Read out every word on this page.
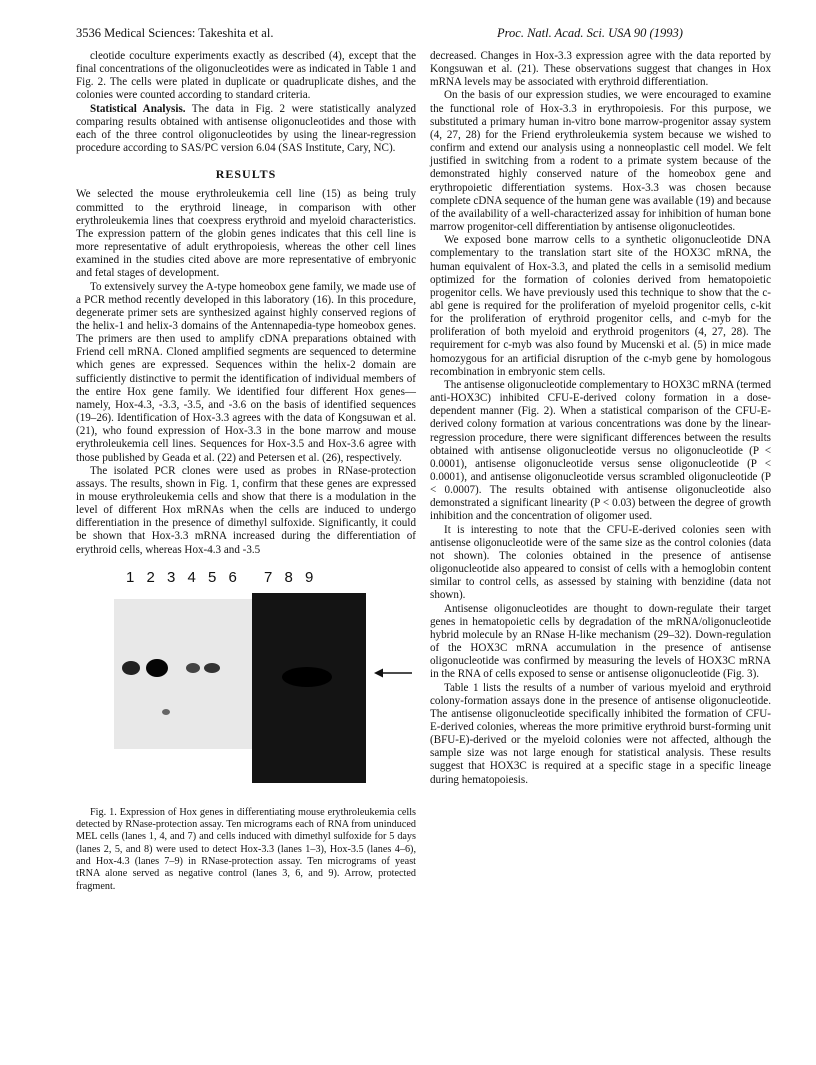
3536 Medical Sciences: Takeshita et al.	Proc. Natl. Acad. Sci. USA 90 (1993)

cleotide coculture experiments exactly as described (4), except that the final concentrations of the oligonucleotides were as indicated in Table 1 and Fig. 2. The cells were plated in duplicate or quadruplicate dishes, and the colonies were counted according to standard criteria.

Statistical Analysis. The data in Fig. 2 were statistically analyzed comparing results obtained with antisense oligonucleotides and those with each of the three control oligonucleotides by using the linear-regression procedure according to SAS/PC version 6.04 (SAS Institute, Cary, NC).

RESULTS

We selected the mouse erythroleukemia cell line (15) as being truly committed to the erythroid lineage, in comparison with other erythroleukemia lines that coexpress erythroid and myeloid characteristics. The expression pattern of the globin genes indicates that this cell line is more representative of adult erythropoiesis, whereas the other cell lines examined in the studies cited above are more representative of embryonic and fetal stages of development.

To extensively survey the A-type homeobox gene family, we made use of a PCR method recently developed in this laboratory (16). In this procedure, degenerate primer sets are synthesized against highly conserved regions of the helix-1 and helix-3 domains of the Antennapedia-type homeobox genes. The primers are then used to amplify cDNA preparations obtained with Friend cell mRNA. Cloned amplified segments are sequenced to determine which genes are expressed. Sequences within the helix-2 domain are sufficiently distinctive to permit the identification of individual members of the entire Hox gene family. We identified four different Hox genes—namely, Hox-4.3, -3.3, -3.5, and -3.6 on the basis of identified sequences (19–26). Identification of Hox-3.3 agrees with the data of Kongsuwan et al. (21), who found expression of Hox-3.3 in the bone marrow and mouse erythroleukemia cell lines. Sequences for Hox-3.5 and Hox-3.6 agree with those published by Geada et al. (22) and Petersen et al. (26), respectively.

The isolated PCR clones were used as probes in RNase-protection assays. The results, shown in Fig. 1, confirm that these genes are expressed in mouse erythroleukemia cells and show that there is a modulation in the level of different Hox mRNAs when the cells are induced to undergo differentiation in the presence of dimethyl sulfoxide. Significantly, it could be shown that Hox-3.3 mRNA increased during the differentiation of erythroid cells, whereas Hox-4.3 and -3.5

1 2 3 4 5 6 7 8 9

Fig. 1. Expression of Hox genes in differentiating mouse erythroleukemia cells detected by RNase-protection assay. Ten micrograms each of RNA from uninduced MEL cells (lanes 1, 4, and 7) and cells induced with dimethyl sulfoxide for 5 days (lanes 2, 5, and 8) were used to detect Hox-3.3 (lanes 1–3), Hox-3.5 (lanes 4–6), and Hox-4.3 (lanes 7–9) in RNase-protection assay. Ten micrograms of yeast tRNA alone served as negative control (lanes 3, 6, and 9). Arrow, protected fragment.

decreased. Changes in Hox-3.3 expression agree with the data reported by Kongsuwan et al. (21). These observations suggest that changes in Hox mRNA levels may be associated with erythroid differentiation.

On the basis of our expression studies, we were encouraged to examine the functional role of Hox-3.3 in erythropoiesis. For this purpose, we substituted a primary human in-vitro bone marrow-progenitor assay system (4, 27, 28) for the Friend erythroleukemia system because we wished to confirm and extend our analysis using a nonneoplastic cell model. We felt justified in switching from a rodent to a primate system because of the demonstrated highly conserved nature of the homeobox gene and erythropoietic differentiation systems. Hox-3.3 was chosen because complete cDNA sequence of the human gene was available (19) and because of the availability of a well-characterized assay for inhibition of human bone marrow progenitor-cell differentiation by antisense oligonucleotides.

We exposed bone marrow cells to a synthetic oligonucleotide DNA complementary to the translation start site of the HOX3C mRNA, the human equivalent of Hox-3.3, and plated the cells in a semisolid medium optimized for the formation of colonies derived from hematopoietic progenitor cells. We have previously used this technique to show that the c-abl gene is required for the proliferation of myeloid progenitor cells, c-kit for the proliferation of erythroid progenitor cells, and c-myb for the proliferation of both myeloid and erythroid progenitors (4, 27, 28). The requirement for c-myb was also found by Mucenski et al. (5) in mice made homozygous for an artificial disruption of the c-myb gene by homologous recombination in embryonic stem cells.

The antisense oligonucleotide complementary to HOX3C mRNA (termed anti-HOX3C) inhibited CFU-E-derived colony formation in a dose-dependent manner (Fig. 2). When a statistical comparison of the CFU-E-derived colony formation at various concentrations was done by the linear-regression procedure, there were significant differences between the results obtained with antisense oligonucleotide versus no oligonucleotide (P < 0.0001), antisense oligonucleotide versus sense oligonucleotide (P < 0.0001), and antisense oligonucleotide versus scrambled oligonucleotide (P < 0.0007). The results obtained with antisense oligonucleotide also demonstrated a significant linearity (P < 0.03) between the degree of growth inhibition and the concentration of oligomer used.

It is interesting to note that the CFU-E-derived colonies seen with antisense oligonucleotide were of the same size as the control colonies (data not shown). The colonies obtained in the presence of antisense oligonucleotide also appeared to consist of cells with a hemoglobin content similar to control cells, as assessed by staining with benzidine (data not shown).

Antisense oligonucleotides are thought to down-regulate their target genes in hematopoietic cells by degradation of the mRNA/oligonucleotide hybrid molecule by an RNase H-like mechanism (29–32). Down-regulation of the HOX3C mRNA accumulation in the presence of antisense oligonucleotide was confirmed by measuring the levels of HOX3C mRNA in the RNA of cells exposed to sense or antisense oligonucleotide (Fig. 3).

Table 1 lists the results of a number of various myeloid and erythroid colony-formation assays done in the presence of antisense oligonucleotide. The antisense oligonucleotide specifically inhibited the formation of CFU-E-derived colonies, whereas the more primitive erythroid burst-forming unit (BFU-E)-derived or the myeloid colonies were not affected, although the sample size was not large enough for statistical analysis. These results suggest that HOX3C is required at a specific stage in a specific lineage during hematopoiesis.
